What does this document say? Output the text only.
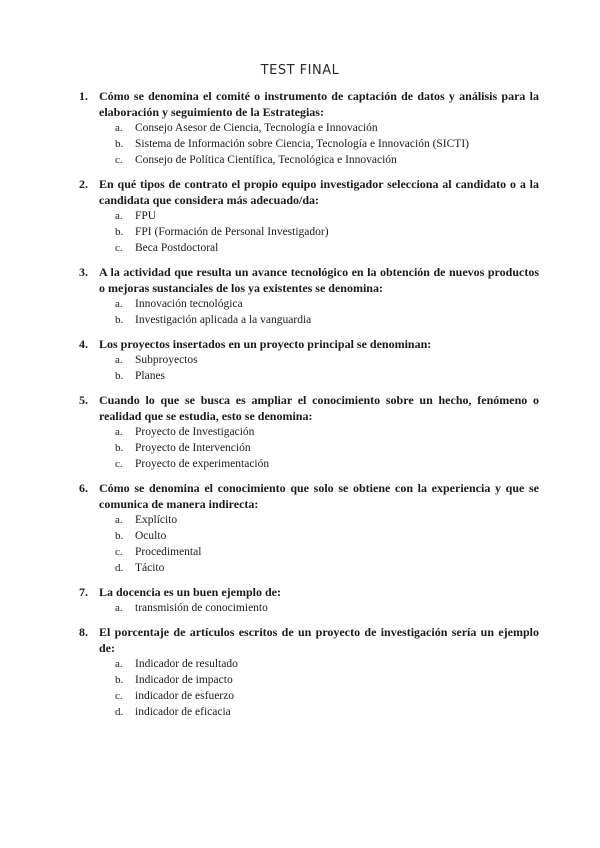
TEST FINAL
1. Cómo se denomina el comité o instrumento de captación de datos y análisis para la elaboración y seguimiento de la Estrategias:
a. Consejo Asesor de Ciencia, Tecnología e Innovación
b. Sistema de Información sobre Ciencia, Tecnología e Innovación (SICTI)
c. Consejo de Política Científica, Tecnológica e Innovación
2. En qué tipos de contrato el propio equipo investigador selecciona al candidato o a la candidata que considera más adecuado/da:
a. FPU
b. FPI (Formación de Personal Investigador)
c. Beca Postdoctoral
3. A la actividad que resulta un avance tecnológico en la obtención de nuevos productos o mejoras sustanciales de los ya existentes se denomina:
a. Innovación tecnológica
b. Investigación aplicada a la vanguardia
4. Los proyectos insertados en un proyecto principal se denominan:
a. Subproyectos
b. Planes
5. Cuando lo que se busca es ampliar el conocimiento sobre un hecho, fenómeno o realidad que se estudia, esto se denomina:
a. Proyecto de Investigación
b. Proyecto de Intervención
c. Proyecto de experimentación
6. Cómo se denomina el conocimiento que solo se obtiene con la experiencia y que se comunica de manera indirecta:
a. Explícito
b. Oculto
c. Procedimental
d. Tácito
7. La docencia es un buen ejemplo de:
a. transmisión de conocimiento
8. El porcentaje de artículos escritos de un proyecto de investigación sería un ejemplo de:
a. Indicador de resultado
b. Indicador de impacto
c. indicador de esfuerzo
d. indicador de eficacia
